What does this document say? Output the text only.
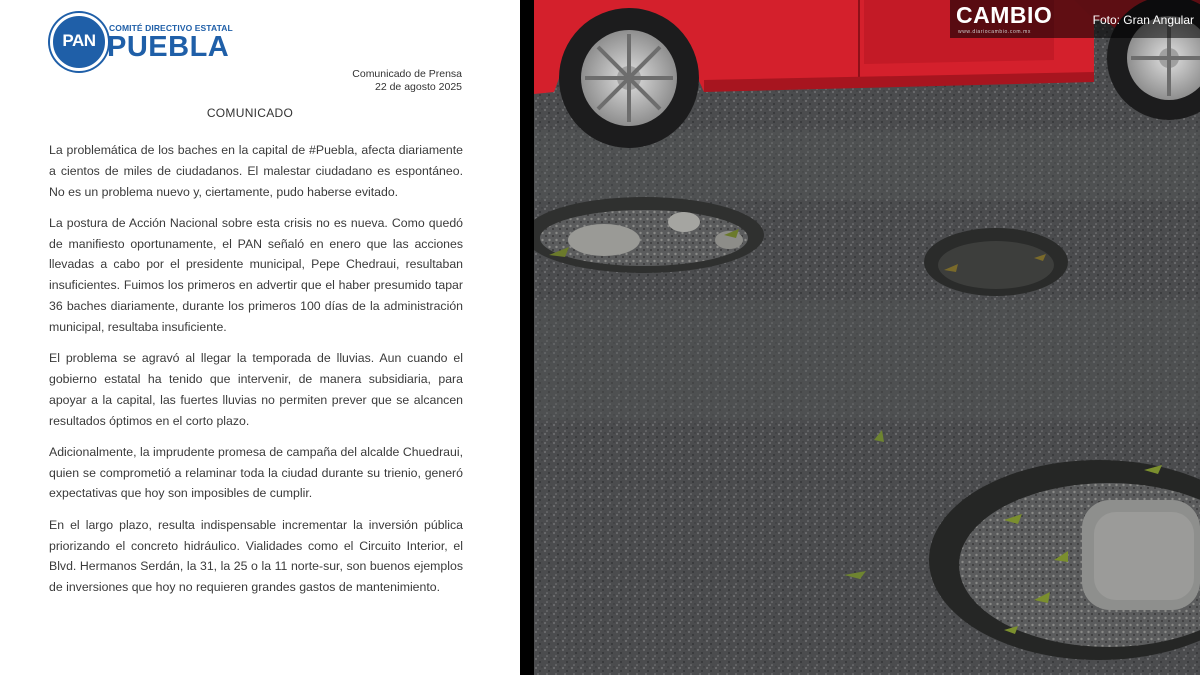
PAN
COMITÉ DIRECTIVO ESTATAL
PUEBLA
Comunicado de Prensa
22 de agosto 2025
COMUNICADO

La problemática de los baches en la capital de #Puebla, afecta diariamente a cientos de miles de ciudadanos. El malestar ciudadano es espontáneo. No es un problema nuevo y, ciertamente, pudo haberse evitado.

La postura de Acción Nacional sobre esta crisis no es nueva. Como quedó de manifiesto oportunamente, el PAN señaló en enero que las acciones llevadas a cabo por el presidente municipal, Pepe Chedraui, resultaban insuficientes. Fuimos los primeros en advertir que el haber presumido tapar 36 baches diariamente, durante los primeros 100 días de la administración municipal, resultaba insuficiente.

El problema se agravó al llegar la temporada de lluvias. Aun cuando el gobierno estatal ha tenido que intervenir, de manera subsidiaria, para apoyar a la capital, las fuertes lluvias no permiten prever que se alcancen resultados óptimos en el corto plazo.

Adicionalmente, la imprudente promesa de campaña del alcalde Chuedraui, quien se comprometió a relaminar toda la ciudad durante su trienio, generó expectativas que hoy son imposibles de cumplir.

En el largo plazo, resulta indispensable incrementar la inversión pública priorizando el concreto hidráulico. Vialidades como el Circuito Interior, el Blvd. Hermanos Serdán, la 31, la 25 o la 11 norte-sur, son buenos ejemplos de inversiones que hoy no requieren grandes gastos de mantenimiento.

CAMBIO
www.diariocambio.com.mx
Foto: Gran Angular
